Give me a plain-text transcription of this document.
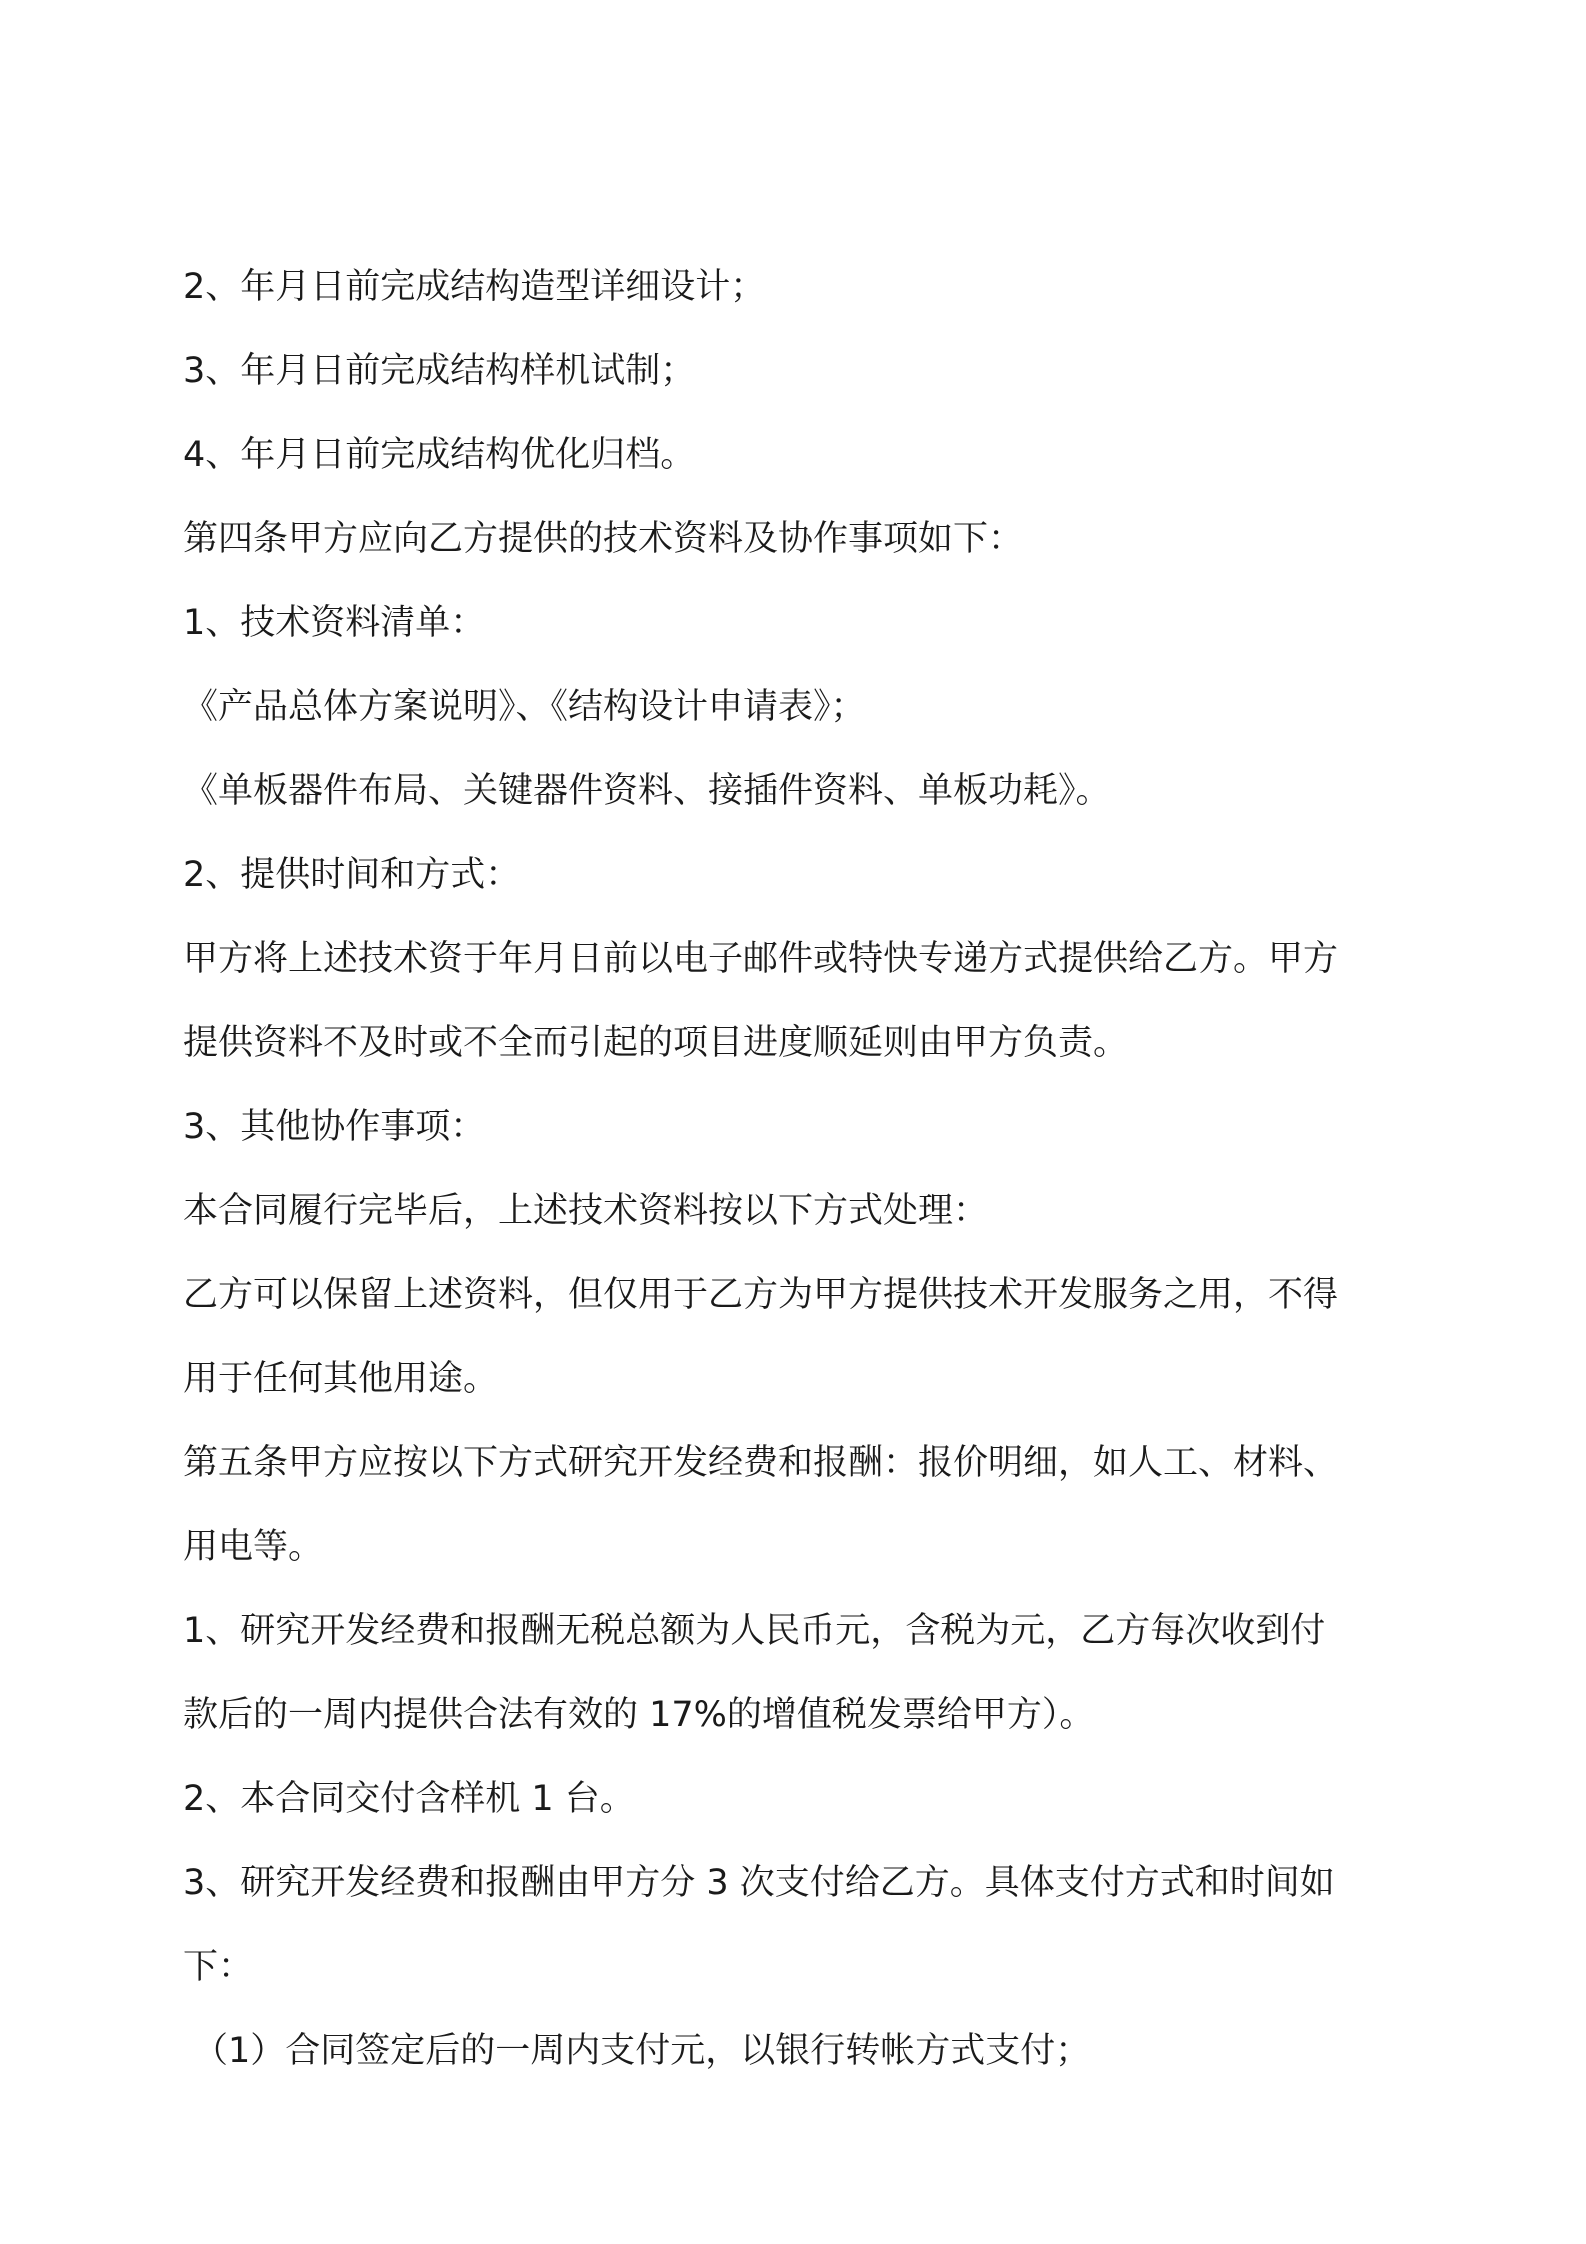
2、年月日前完成结构造型详细设计；

3、年月日前完成结构样机试制；

4、年月日前完成结构优化归档。

第四条甲方应向乙方提供的技术资料及协作事项如下：

1、技术资料清单：

《产品总体方案说明》、《结构设计申请表》；

《单板器件布局、关键器件资料、接插件资料、单板功耗》。

2、提供时间和方式：

甲方将上述技术资于年月日前以电子邮件或特快专递方式提供给乙方。甲方

提供资料不及时或不全而引起的项目进度顺延则由甲方负责。

3、其他协作事项：

本合同履行完毕后，上述技术资料按以下方式处理：

乙方可以保留上述资料，但仅用于乙方为甲方提供技术开发服务之用，不得

用于任何其他用途。

第五条甲方应按以下方式研究开发经费和报酬：报价明细，如人工、材料、

用电等。

1、研究开发经费和报酬无税总额为人民币元，含税为元，乙方每次收到付

款后的一周内提供合法有效的 17%的增值税发票给甲方）。

2、本合同交付含样机 1 台。

3、研究开发经费和报酬由甲方分 3 次支付给乙方。具体支付方式和时间如

下：

（1）合同签定后的一周内支付元，以银行转帐方式支付；
